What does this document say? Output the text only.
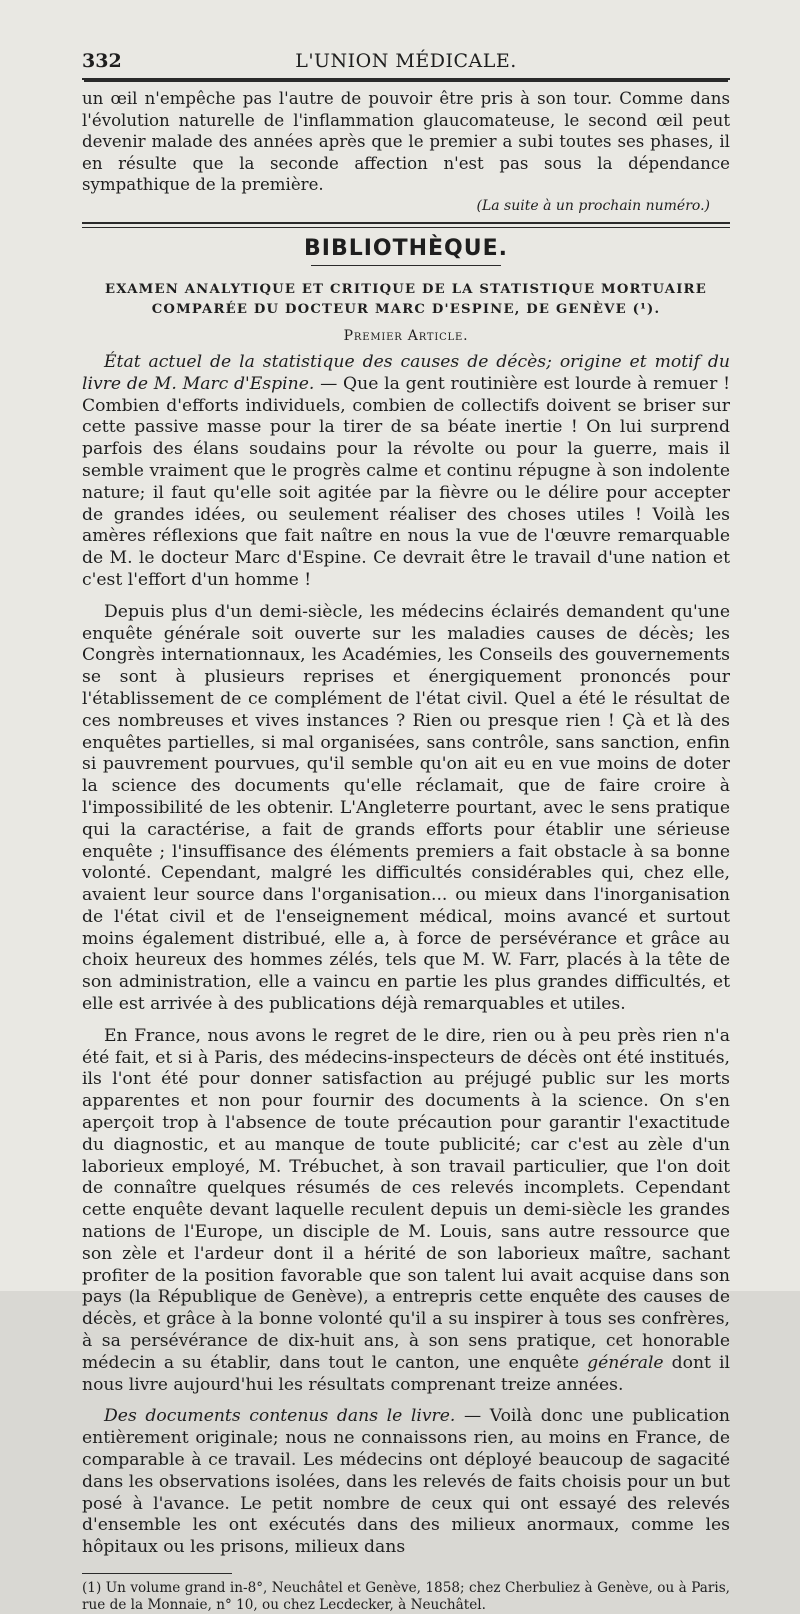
332	L'UNION MÉDICALE.

un œil n'empêche pas l'autre de pouvoir être pris à son tour. Comme dans l'évolution naturelle de l'inflammation glaucomateuse, le second œil peut devenir malade des années après que le premier a subi toutes ses phases, il en résulte que la seconde affection n'est pas sous la dépendance sympathique de la première.

(La suite à un prochain numéro.)

BIBLIOTHÈQUE.
EXAMEN ANALYTIQUE ET CRITIQUE DE LA STATISTIQUE MORTUAIRE COMPARÉE DU DOCTEUR MARC D'ESPINE, DE GENÈVE (¹).
Premier Article.

État actuel de la statistique des causes de décès; origine et motif du livre de M. Marc d'Espine. — Que la gent routinière est lourde à remuer ! Combien d'efforts individuels, combien de collectifs doivent se briser sur cette passive masse pour la tirer de sa béate inertie ! On lui surprend parfois des élans soudains pour la révolte ou pour la guerre, mais il semble vraiment que le progrès calme et continu répugne à son indolente nature; il faut qu'elle soit agitée par la fièvre ou le délire pour accepter de grandes idées, ou seulement réaliser des choses utiles ! Voilà les amères réflexions que fait naître en nous la vue de l'œuvre remarquable de M. le docteur Marc d'Espine. Ce devrait être le travail d'une nation et c'est l'effort d'un homme !

Depuis plus d'un demi-siècle, les médecins éclairés demandent qu'une enquête générale soit ouverte sur les maladies causes de décès; les Congrès internationnaux, les Académies, les Conseils des gouvernements se sont à plusieurs reprises et énergiquement prononcés pour l'établissement de ce complément de l'état civil. Quel a été le résultat de ces nombreuses et vives instances ? Rien ou presque rien ! Çà et là des enquêtes partielles, si mal organisées, sans contrôle, sans sanction, enfin si pauvrement pourvues, qu'il semble qu'on ait eu en vue moins de doter la science des documents qu'elle réclamait, que de faire croire à l'impossibilité de les obtenir. L'Angleterre pourtant, avec le sens pratique qui la caractérise, a fait de grands efforts pour établir une sérieuse enquête ; l'insuffisance des éléments premiers a fait obstacle à sa bonne volonté. Cependant, malgré les difficultés considérables qui, chez elle, avaient leur source dans l'organisation... ou mieux dans l'inorganisation de l'état civil et de l'enseignement médical, moins avancé et surtout moins également distribué, elle a, à force de persévérance et grâce au choix heureux des hommes zélés, tels que M. W. Farr, placés à la tête de son administration, elle a vaincu en partie les plus grandes difficultés, et elle est arrivée à des publications déjà remarquables et utiles.

En France, nous avons le regret de le dire, rien ou à peu près rien n'a été fait, et si à Paris, des médecins-inspecteurs de décès ont été institués, ils l'ont été pour donner satisfaction au préjugé public sur les morts apparentes et non pour fournir des documents à la science. On s'en aperçoit trop à l'absence de toute précaution pour garantir l'exactitude du diagnostic, et au manque de toute publicité; car c'est au zèle d'un laborieux employé, M. Trébuchet, à son travail particulier, que l'on doit de connaître quelques résumés de ces relevés incomplets. Cependant cette enquête devant laquelle reculent depuis un demi-siècle les grandes nations de l'Europe, un disciple de M. Louis, sans autre ressource que son zèle et l'ardeur dont il a hérité de son laborieux maître, sachant profiter de la position favorable que son talent lui avait acquise dans son pays (la République de Genève), a entrepris cette enquête des causes de décès, et grâce à la bonne volonté qu'il a su inspirer à tous ses confrères, à sa persévérance de dix-huit ans, à son sens pratique, cet honorable médecin a su établir, dans tout le canton, une enquête générale dont il nous livre aujourd'hui les résultats comprenant treize années.

Des documents contenus dans le livre. — Voilà donc une publication entièrement originale; nous ne connaissons rien, au moins en France, de comparable à ce travail. Les médecins ont déployé beaucoup de sagacité dans les observations isolées, dans les relevés de faits choisis pour un but posé à l'avance. Le petit nombre de ceux qui ont essayé des relevés d'ensemble les ont exécutés dans des milieux anormaux, comme les hôpitaux ou les prisons, milieux dans

(1) Un volume grand in-8°, Neuchâtel et Genève, 1858; chez Cherbuliez à Genève, ou à Paris, rue de la Monnaie, n° 10, ou chez Lecdecker, à Neuchâtel.
